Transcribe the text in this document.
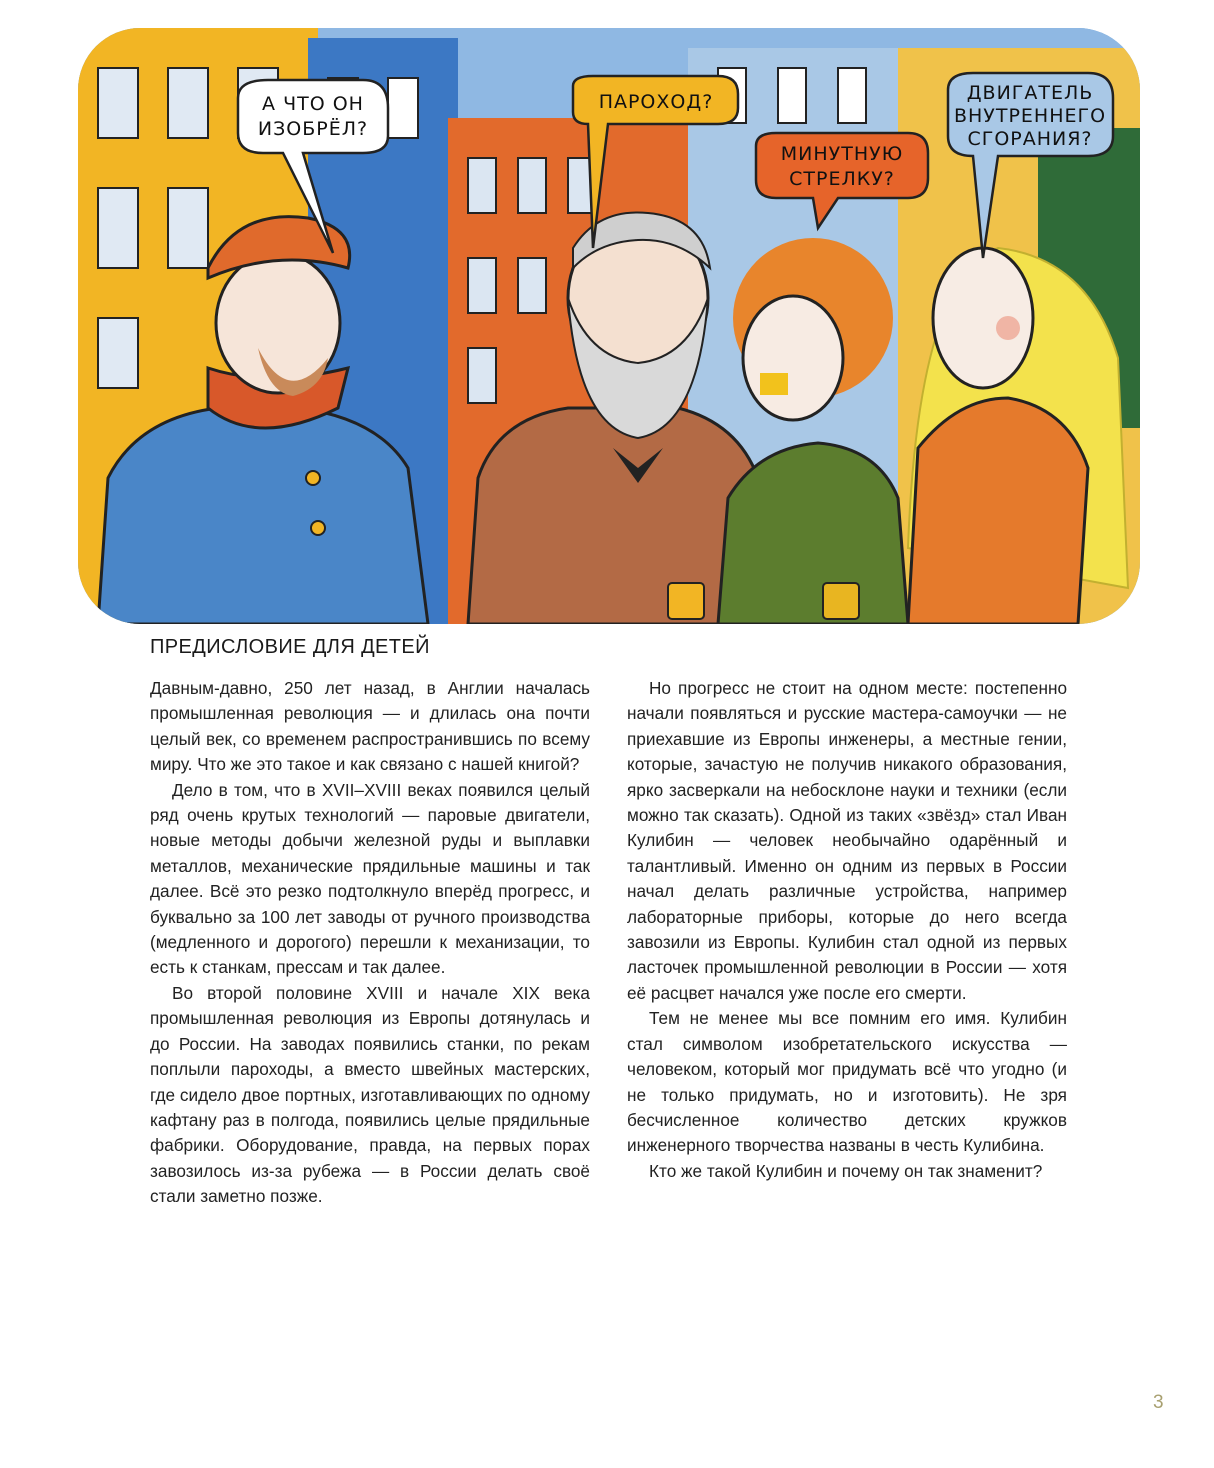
А ЧТО ОН
ИЗОБРЁЛ?
ПАРОХОД?
МИНУТНУЮ
СТРЕЛКУ?
ДВИГАТЕЛЬ
ВНУТРЕННЕГО
СГОРАНИЯ?
ПРЕДИСЛОВИЕ ДЛЯ ДЕТЕЙ

Давным-давно, 250 лет назад, в Англии началась промышленная революция — и длилась она почти целый век, со временем распространившись по всему миру. Что же это такое и как связано с нашей книгой?

Дело в том, что в XVII–XVIII веках появился целый ряд очень крутых технологий — паровые двигатели, новые методы добычи железной руды и выплавки металлов, механические прядильные машины и так далее. Всё это резко подтолкнуло вперёд прогресс, и буквально за 100 лет заводы от ручного производства (медленного и дорогого) перешли к механизации, то есть к станкам, прессам и так далее.

Во второй половине XVIII и начале XIX века промышленная революция из Европы дотянулась и до России. На заводах появились станки, по рекам поплыли пароходы, а вместо швейных мастерских, где сидело двое портных, изготавливающих по одному кафтану раз в полгода, появились целые прядильные фабрики. Оборудование, правда, на первых порах завозилось из-за рубежа — в России делать своё стали заметно позже.

Но прогресс не стоит на одном месте: постепенно начали появляться и русские мастера-самоучки — не приехавшие из Европы инженеры, а местные гении, которые, зачастую не получив никакого образования, ярко засверкали на небосклоне науки и техники (если можно так сказать). Одной из таких «звёзд» стал Иван Кулибин — человек необычайно одарённый и талантливый. Именно он одним из первых в России начал делать различные устройства, например лабораторные приборы, которые до него всегда завозили из Европы. Кулибин стал одной из первых ласточек промышленной революции в России — хотя её расцвет начался уже после его смерти.

Тем не менее мы все помним его имя. Кулибин стал символом изобретательского искусства — человеком, который мог придумать всё что угодно (и не только придумать, но и изготовить). Не зря бесчисленное количество детских кружков инженерного творчества названы в честь Кулибина.

Кто же такой Кулибин и почему он так знаменит?

3
